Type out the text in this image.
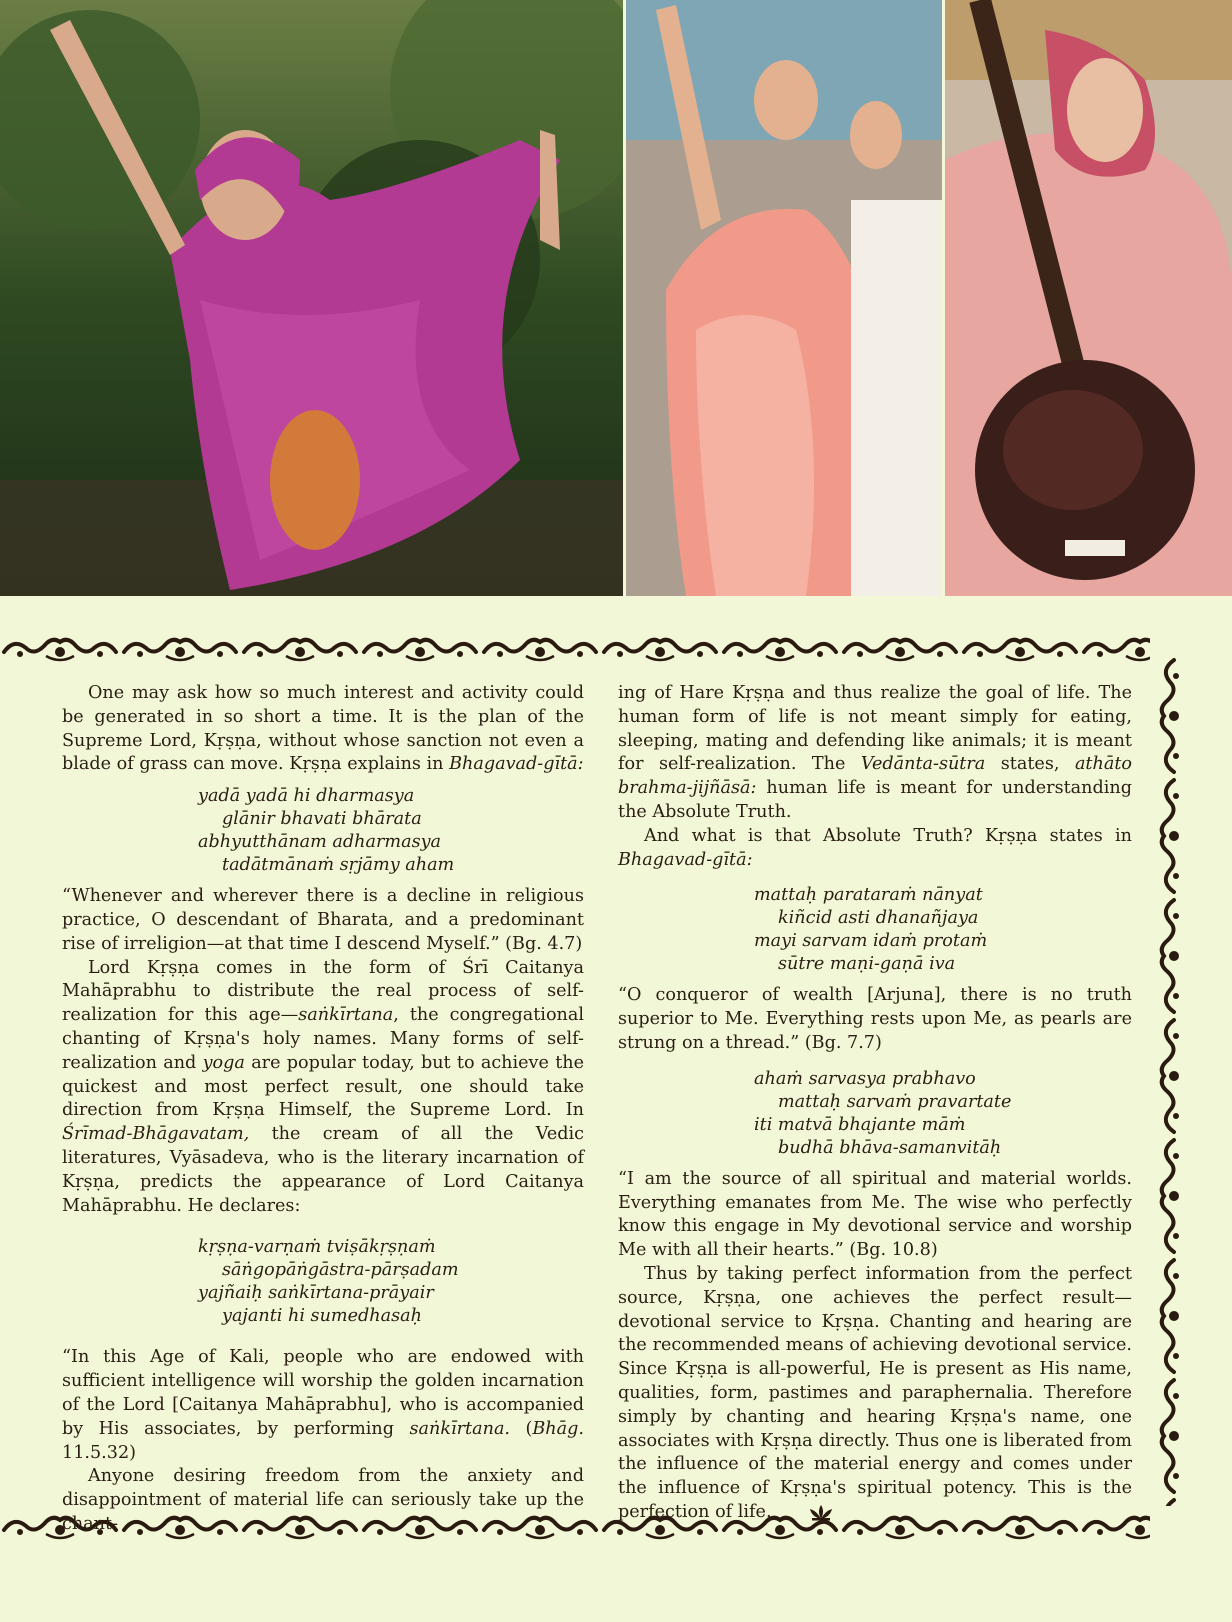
One may ask how so much interest and activity could be generated in so short a time. It is the plan of the Supreme Lord, Kṛṣṇa, without whose sanction not even a blade of grass can move. Kṛṣṇa explains in Bhagavad-gītā:

yadā yadā hi dharmasya
glānir bhavati bhārata
abhyutthānam adharmasya
tadātmānaṁ sṛjāmy aham

“Whenever and wherever there is a decline in religious practice, O descendant of Bharata, and a predominant rise of irreligion—at that time I descend Myself.” (Bg. 4.7)

Lord Kṛṣṇa comes in the form of Śrī Caitanya Mahāprabhu to distribute the real process of self-realization for this age—saṅkīrtana, the congregational chanting of Kṛṣṇa's holy names. Many forms of self-realization and yoga are popular today, but to achieve the quickest and most perfect result, one should take direction from Kṛṣṇa Himself, the Supreme Lord. In Śrīmad-Bhāgavatam, the cream of all the Vedic literatures, Vyāsadeva, who is the literary incarnation of Kṛṣṇa, predicts the appearance of Lord Caitanya Mahāprabhu. He declares:

kṛṣṇa-varṇaṁ tviṣākṛṣṇaṁ
sāṅgopāṅgāstra-pārṣadam
yajñaiḥ saṅkīrtana-prāyair
yajanti hi sumedhasaḥ

“In this Age of Kali, people who are endowed with sufficient intelligence will worship the golden incarnation of the Lord [Caitanya Mahāprabhu], who is accompanied by His associates, by performing saṅkīrtana. (Bhāg. 11.5.32)

Anyone desiring freedom from the anxiety and disappointment of material life can seriously take up the chant-

ing of Hare Kṛṣṇa and thus realize the goal of life. The human form of life is not meant simply for eating, sleeping, mating and defending like animals; it is meant for self-realization. The Vedānta-sūtra states, athāto brahma-jijñāsā: human life is meant for understanding the Absolute Truth.

And what is that Absolute Truth? Kṛṣṇa states in Bhagavad-gītā:

mattaḥ parataraṁ nānyat
kiñcid asti dhanañjaya
mayi sarvam idaṁ protaṁ
sūtre maṇi-gaṇā iva

“O conqueror of wealth [Arjuna], there is no truth superior to Me. Everything rests upon Me, as pearls are strung on a thread.” (Bg. 7.7)

ahaṁ sarvasya prabhavo
mattaḥ sarvaṁ pravartate
iti matvā bhajante māṁ
budhā bhāva-samanvitāḥ

“I am the source of all spiritual and material worlds. Everything emanates from Me. The wise who perfectly know this engage in My devotional service and worship Me with all their hearts.” (Bg. 10.8)

Thus by taking perfect information from the perfect source, Kṛṣṇa, one achieves the perfect result—devotional service to Kṛṣṇa. Chanting and hearing are the recommended means of achieving devotional service. Since Kṛṣṇa is all-powerful, He is present as His name, qualities, form, pastimes and paraphernalia. Therefore simply by chanting and hearing Kṛṣṇa's name, one associates with Kṛṣṇa directly. Thus one is liberated from the influence of the material energy and comes under the influence of Kṛṣṇa's spiritual potency. This is the perfection of life.
